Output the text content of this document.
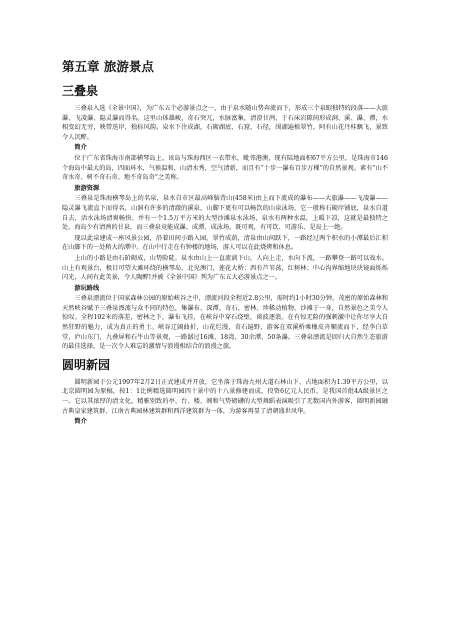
第五章 旅游景点
三叠泉

三叠泉入选《全景中国》，为广东五个必游景点之一，由于泉水随山势奔流而下，形成三个泉眼独特的段落——大旅瀑、飞凌瀑、隐灵瀑而得名。这里山体雄峻，奇石突兀，水脉富集，清澄甘洌，于石床岩隙间形成涧、溪、瀑、潭，水相变幻无穷，映带迭岸，独标风韵。泉水下注成湖，石砌湖底，石窟、石径，围湖遍植翠竹，阿有山花丹桂飘飞，景致令人沉醉。

简介

位于广东省珠海市南部横琴岛上。该岛与珠海西区一衣带水，毗邻港澳，现有陆地面积67平方公里，是珠海市146个海岛中最大的岛，四面环水，气候温和，山清水秀，空气清新，而且有“十步一瀑布百步万棵”的自然景观。素有“山不奇水奇、树不奇石奇、地不奇岛奇”之美称。

旅游资源

三叠泉是珠海横琴岛上的名泉，泉水自市区最高峰脑背山(458米)由上而下流成的瀑布——大旅瀑——飞凌瀑——隐灵瀑飞流直下而得名，山洞有许多的清澈的溪泉，山脚下更有可以畅饮的山泉泳场，它一般称石砌岸铺底，泉水自道自去，活水泳场清爽畅快。并有一个1.5万平方米的大型沙滩泉水泳场，泉水有两种水温，上暖下凉，这就是最独特之处。海岛少有清洌的甘泉，而三叠泉竟能成瀑、成潭、成泳场，既可观，有可饮、可游乐、是岛上一绝。

现以此泉建成一座风景公园，沿着田间小路入园，翠竹成荫，清泉由山间跃下，一路经过两个积水的小潭最后汇积在山脚下的一处稍大的潭中。在山中行走在有钟楼的地场，游人可以在此烧烤和休息。

上山的小路是由石阶砌成，山势险陡。泉水由山上一直流淌下山，人向上走，水向下流，一路攀登一路可以戏水。山上有观景台，极目可望大滩环绕的横琴岛，北见澳门，莲花大桥；西有芦苇荡，红树林；中心沟界缩地块块镜面烁烁闪光，人间有此美景，令人陶醉!并被《全景中国》列为广东五大必游景点之一。

游玩路线

三叠泉漂流位于国家森林公园的原始峡谷之中，漂流河段全程近2.8公里，需时约1小时30分钟。茂密的原始森林和天然峡谷赋予三叠泉漂流与众不同的特色，集瀑布、深潭、奇石、密林、珍稀动植物、沙滩于一身，自然景色之美令人惊叹。全程192米的落差，密林之下，瀑布飞挂，在峡谷中穿石绕壁，谈波逐浪。在有惊无险的强刺激中让你尽享大自然狂野的魅力，成为真正的勇士。峡谷辽阔曲折，山花烂漫，奇石遍野，游客在双溪桥乘橡皮舟顺流而下，经李白草堂、庐山东门，九叠屏和石牛山等景观，一路潺过16滩、18湾、30余潭、50条瀑。三叠泉漂流是回归大自然生态旅游的最佳选择，是一次令人难忘的激情与浪漫相结合的浪漫之旅。

圆明新园

圆明新园于公元1997年2月2日正式建成并开放，它坐落于珠海九州大道石林山下，占地面积为1.39平方公里，以北京圆明园为原稿，按1：1比例精选圆明园四十景中的十八景修建而成，投资6亿元人民币，是我国首批4A级景区之一。它以其浓厚的清文化，精雅别致的亭、台、楼、阁和气势磅礴的大型舞蹈表演吸引了无数国内外游客，圆明新园融古典皇家建筑群、江南古典园林建筑群和西洋建筑群为一体，为游客再显了清朝盛世风华。

简介
